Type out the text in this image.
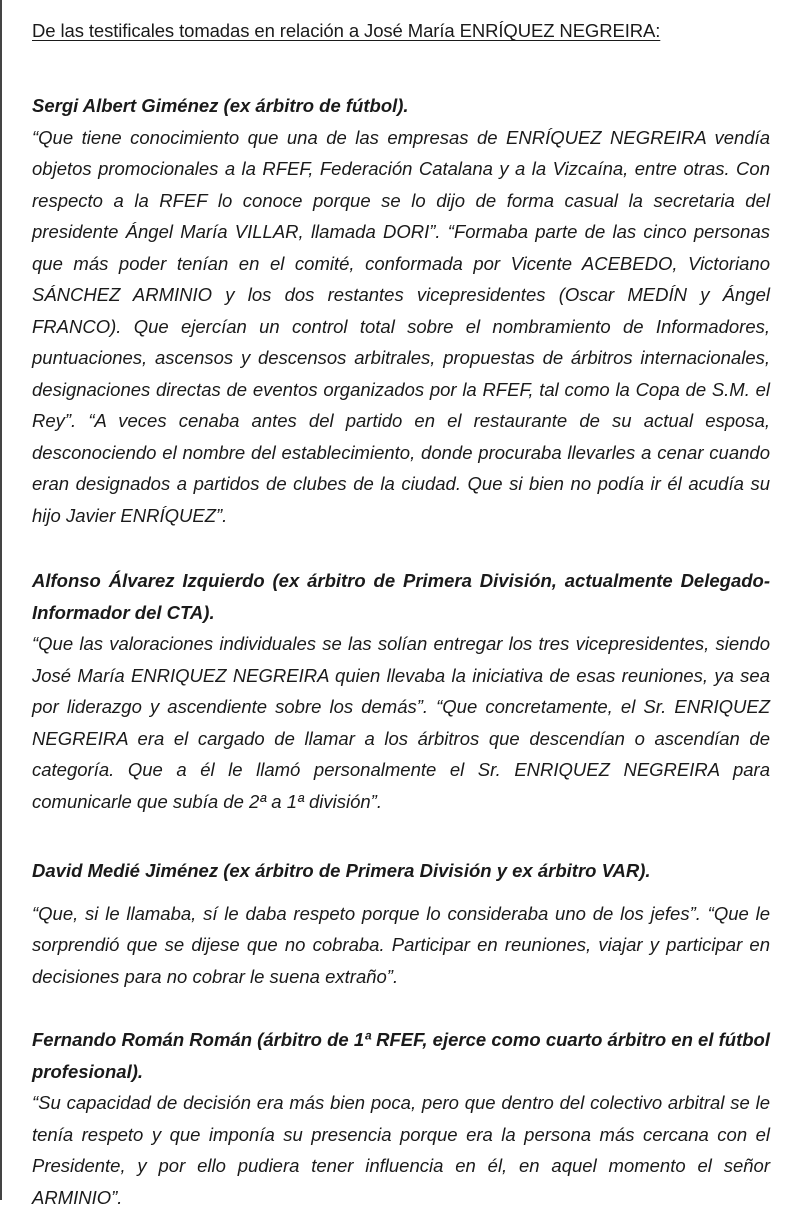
De las testificales tomadas en relación a José María ENRÍQUEZ NEGREIRA:

Sergi Albert Giménez (ex árbitro de fútbol).

“Que tiene conocimiento que una de las empresas de ENRÍQUEZ NEGREIRA vendía objetos promocionales a la RFEF, Federación Catalana y a la Vizcaína, entre otras. Con respecto a la RFEF lo conoce porque se lo dijo de forma casual la secretaria del presidente Ángel María VILLAR, llamada DORI”. “Formaba parte de las cinco personas que más poder tenían en el comité, conformada por Vicente ACEBEDO, Victoriano SÁNCHEZ ARMINIO y los dos restantes vicepresidentes (Oscar MEDÍN y Ángel FRANCO). Que ejercían un control total sobre el nombramiento de Informadores, puntuaciones, ascensos y descensos arbitrales, propuestas de árbitros internacionales, designaciones directas de eventos organizados por la RFEF, tal como la Copa de S.M. el Rey”. “A veces cenaba antes del partido en el restaurante de su actual esposa, desconociendo el nombre del establecimiento, donde procuraba llevarles a cenar cuando eran designados a partidos de clubes de la ciudad. Que si bien no podía ir él acudía su hijo Javier ENRÍQUEZ”.

Alfonso Álvarez Izquierdo (ex árbitro de Primera División, actualmente Delegado-Informador del CTA).

“Que las valoraciones individuales se las solían entregar los tres vicepresidentes, siendo José María ENRIQUEZ NEGREIRA quien llevaba la iniciativa de esas reuniones, ya sea por liderazgo y ascendiente sobre los demás”. “Que concretamente, el Sr. ENRIQUEZ NEGREIRA era el cargado de llamar a los árbitros que descendían o ascendían de categoría. Que a él le llamó personalmente el Sr. ENRIQUEZ NEGREIRA para comunicarle que subía de 2ª a 1ª división”.

David Medié Jiménez (ex árbitro de Primera División y ex árbitro VAR).

“Que, si le llamaba, sí le daba respeto porque lo consideraba uno de los jefes”. “Que le sorprendió que se dijese que no cobraba. Participar en reuniones, viajar y participar en decisiones para no cobrar le suena extraño”.

Fernando Román Román (árbitro de 1ª RFEF, ejerce como cuarto árbitro en el fútbol profesional).

“Su capacidad de decisión era más bien poca, pero que dentro del colectivo arbitral se le tenía respeto y que imponía su presencia porque era la persona más cercana con el Presidente, y por ello pudiera tener influencia en él, en aquel momento el señor ARMINIO”.
